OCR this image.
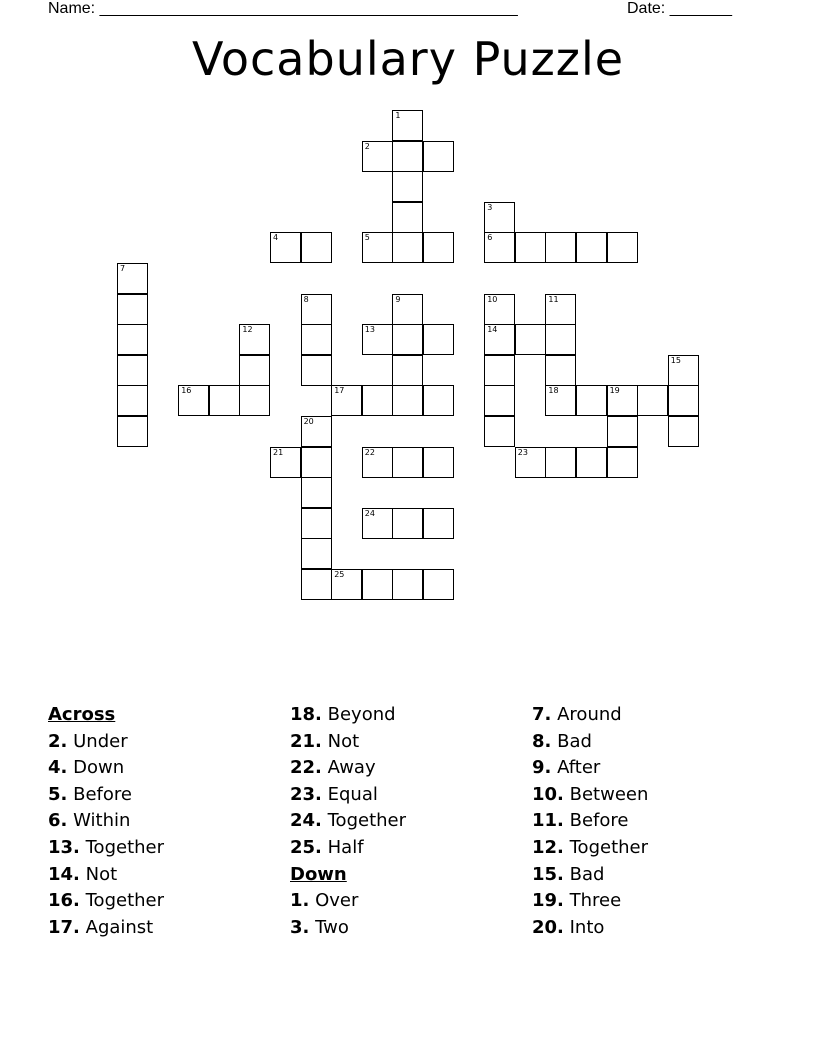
Name: _______________________________________________	Date: _______
Vocabulary Puzzle
1
3
6
7
8	9	10
14
11
12
15
19
20
2
4	5
13
16	17	18
21	22	23
24
25
Across
2. Under
4. Down
5. Before
6. Within
13. Together
14. Not
16. Together
17. Against
18. Beyond
21. Not
22. Away
23. Equal
24. Together
25. Half
Down
1. Over
3. Two
7. Around
8. Bad
9. After
10. Between
11. Before
12. Together
15. Bad
19. Three
20. Into
